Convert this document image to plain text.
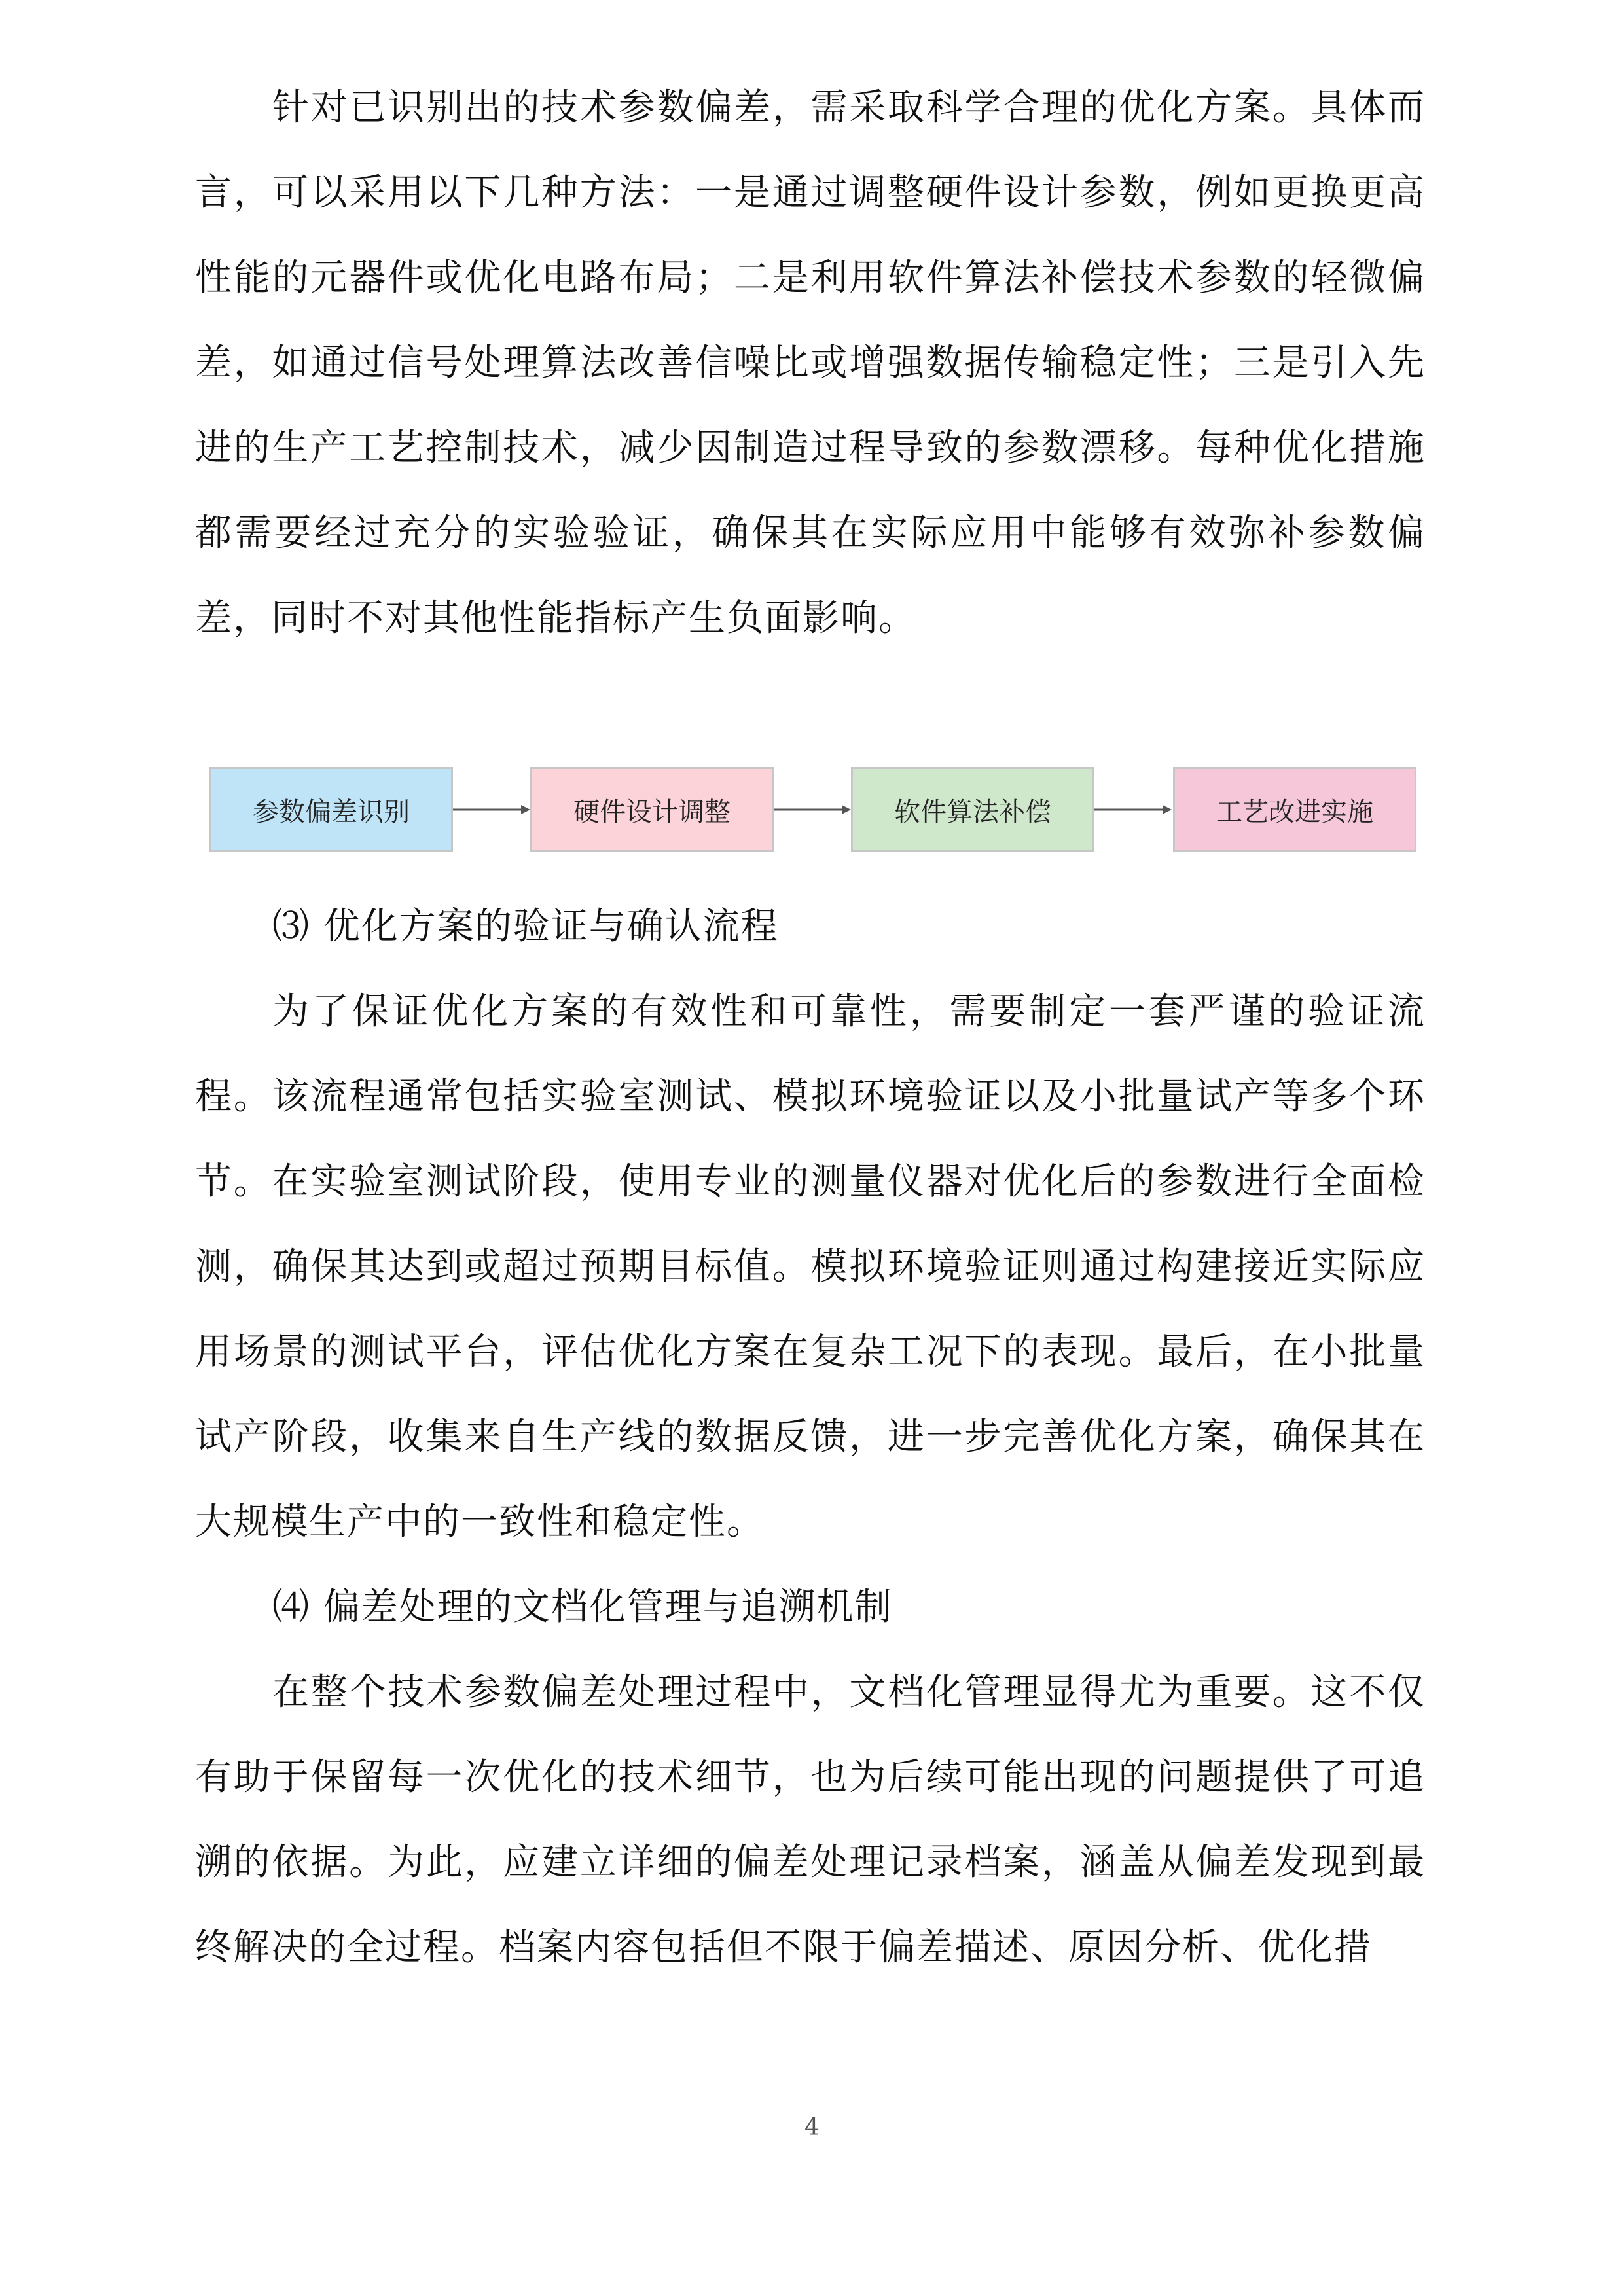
针对已识别出的技术参数偏差，需采取科学合理的优化方案。具体而言，可以采用以下几种方法：一是通过调整硬件设计参数，例如更换更高性能的元器件或优化电路布局；二是利用软件算法补偿技术参数的轻微偏差，如通过信号处理算法改善信噪比或增强数据传输稳定性；三是引入先进的生产工艺控制技术，减少因制造过程导致的参数漂移。每种优化措施都需要经过充分的实验验证，确保其在实际应用中能够有效弥补参数偏差，同时不对其他性能指标产生负面影响。

参数偏差识别	硬件设计调整	软件算法补偿	工艺改进实施

⑶ 优化方案的验证与确认流程

为了保证优化方案的有效性和可靠性，需要制定一套严谨的验证流程。该流程通常包括实验室测试、模拟环境验证以及小批量试产等多个环节。在实验室测试阶段，使用专业的测量仪器对优化后的参数进行全面检测，确保其达到或超过预期目标值。模拟环境验证则通过构建接近实际应用场景的测试平台，评估优化方案在复杂工况下的表现。最后，在小批量试产阶段，收集来自生产线的数据反馈，进一步完善优化方案，确保其在大规模生产中的一致性和稳定性。

⑷ 偏差处理的文档化管理与追溯机制

在整个技术参数偏差处理过程中，文档化管理显得尤为重要。这不仅有助于保留每一次优化的技术细节，也为后续可能出现的问题提供了可追溯的依据。为此，应建立详细的偏差处理记录档案，涵盖从偏差发现到最终解决的全过程。档案内容包括但不限于偏差描述、原因分析、优化措

4
